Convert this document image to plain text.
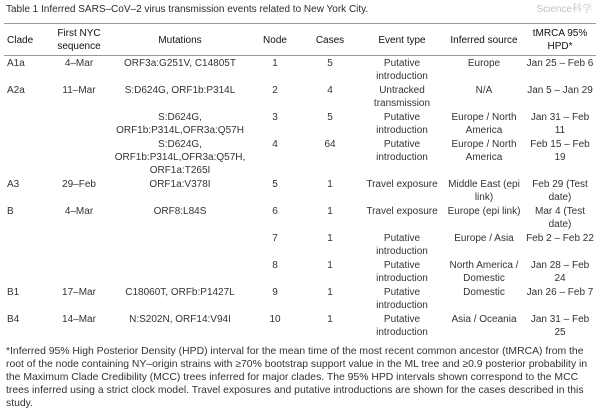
Table 1 Inferred SARS–CoV–2 virus transmission events related to New York City.
Clade	First NYC sequence	Mutations	Node	Cases	Event type	Inferred source	tMRCA 95% HPD*
A1a	4–Mar	ORF3a:G251V, C14805T	1	5	Putative introduction	Europe	Jan 25 – Feb 6
A2a	11–Mar	S:D624G, ORF1b:P314L	2	4	Untracked transmission	N/A	Jan 5 – Jan 29
		S:D624G, ORF1b:P314L,OFR3a:Q57H	3	5	Putative introduction	Europe / North America	Jan 31 – Feb 11
		S:D624G, ORF1b:P314L,OFR3a:Q57H, ORF1a:T265I	4	64	Putative introduction	Europe / North America	Feb 15 – Feb 19
A3	29–Feb	ORF1a:V378I	5	1	Travel exposure	Middle East (epi link)	Feb 29 (Test date)
B	4–Mar	ORF8:L84S	6	1	Travel exposure	Europe (epi link)	Mar 4 (Test date)
			7	1	Putative introduction	Europe / Asia	Feb 2 – Feb 22
			8	1	Putative introduction	North America / Domestic	Jan 28 – Feb 24
B1	17–Mar	C18060T, ORFb:P1427L	9	1	Putative introduction	Domestic	Jan 26 – Feb 7
B4	14–Mar	N:S202N, ORF14:V94I	10	1	Putative introduction	Asia / Oceania	Jan 31 – Feb 25
*Inferred 95% High Posterior Density (HPD) interval for the mean time of the most recent common ancestor (tMRCA) from the root of the node containing NY–origin strains with ≥70% bootstrap support value in the ML tree and ≥0.9 posterior probability in the Maximum Clade Credibility (MCC) trees inferred for major clades. The 95% HPD intervals shown correspond to the MCC trees inferred using a strict clock model. Travel exposures and putative introductions are shown for the cases described in this study.
Science科学
